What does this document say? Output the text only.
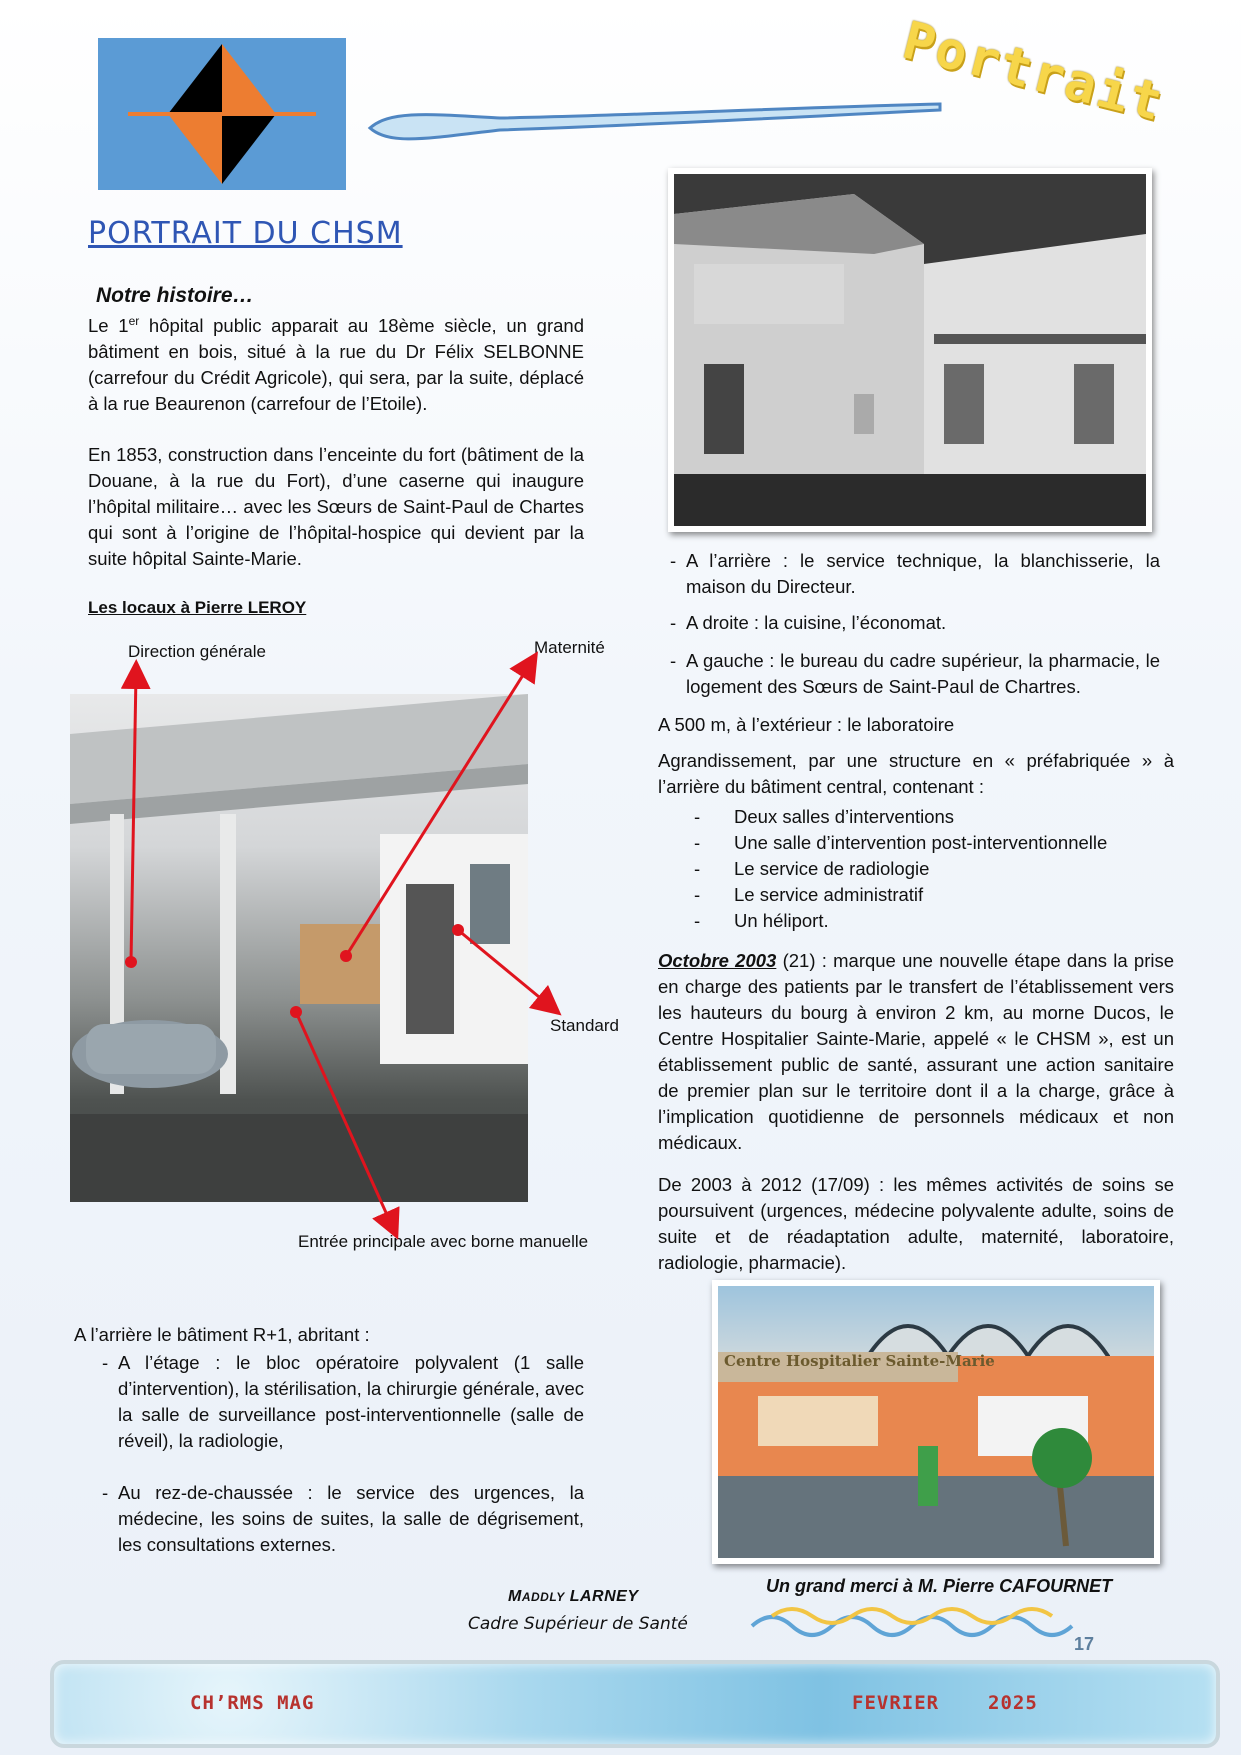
Portrait
PORTRAIT DU CHSM
Notre histoire…
Le 1er hôpital public apparait au 18ème siècle, un grand bâtiment en bois, situé à la rue du Dr Félix SELBONNE (carrefour du Crédit Agricole), qui sera, par la suite, déplacé à la rue Beaurenon (carrefour de l’Etoile).
En 1853, construction dans l’enceinte du fort (bâtiment de la Douane, à la rue du Fort), d’une caserne qui inaugure l’hôpital militaire… avec les Sœurs de Saint-Paul de Chartes qui sont à l’origine de l’hôpital-hospice qui devient par la suite hôpital Sainte-Marie.
Les locaux à Pierre LEROY
Direction générale	Maternité
Standard
Entrée principale avec borne manuelle
- A l’arrière : le service technique, la blanchisserie, la maison du Directeur.
- A droite : la cuisine, l’économat.
- A gauche : le bureau du cadre supérieur, la pharmacie, le logement des Sœurs de Saint-Paul de Chartres.
A 500 m, à l’extérieur : le laboratoire
Agrandissement, par une structure en « préfabriquée » à l’arrière du bâtiment central, contenant :
- Deux salles d’interventions
- Une salle d’intervention post-interventionnelle
- Le service de radiologie
- Le service administratif
- Un héliport.
Octobre 2003 (21) : marque une nouvelle étape dans la prise en charge des patients par le transfert de l’établissement vers les hauteurs du bourg à environ 2 km, au morne Ducos, le Centre Hospitalier Sainte-Marie, appelé « le CHSM », est un établissement public de santé, assurant une action sanitaire de premier plan sur le territoire dont il a la charge, grâce à l’implication quotidienne de personnels médicaux et non médicaux.
De 2003 à 2012 (17/09) : les mêmes activités de soins se poursuivent (urgences, médecine polyvalente adulte, soins de suite et de réadaptation adulte, maternité, laboratoire, radiologie, pharmacie).
Centre Hospitalier Sainte-Marie
A l’arrière le bâtiment R+1, abritant :
- A l’étage : le bloc opératoire polyvalent (1 salle d’intervention), la stérilisation, la chirurgie générale, avec la salle de surveillance post-interventionnelle (salle de réveil), la radiologie,
- Au rez-de-chaussée : le service des urgences, la médecine, les soins de suites, la salle de dégrisement, les consultations externes.
MADDLY LARNEY
Cadre Supérieur de Santé
Un grand merci à M. Pierre CAFOURNET
17
CH’RMS MAG	FEVRIER	2025
